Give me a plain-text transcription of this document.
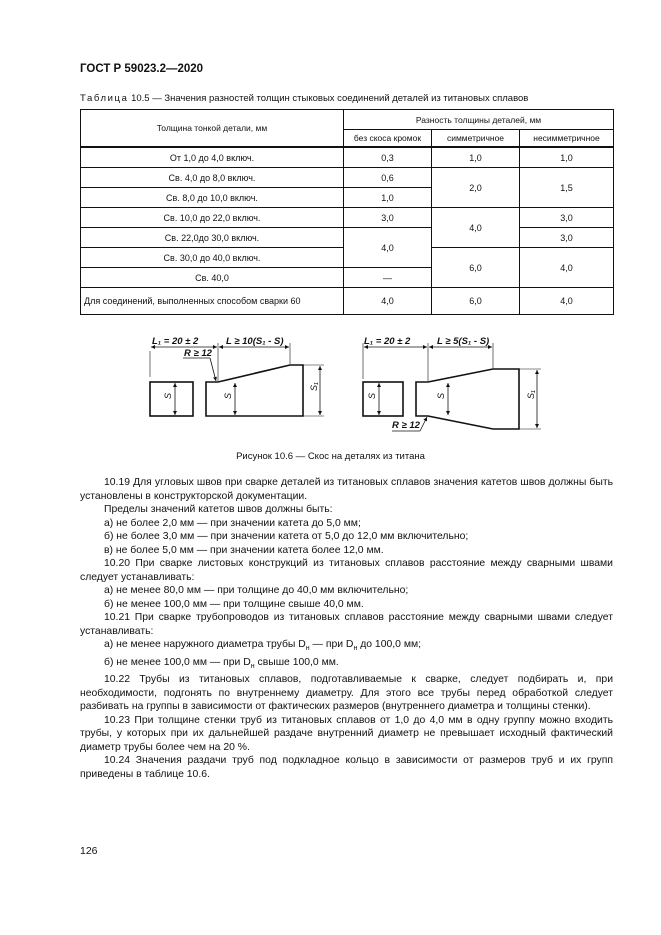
ГОСТ Р 59023.2—2020
Таблица 10.5 — Значения разностей толщин стыковых соединений деталей из титановых сплавов
Толщина тонкой детали, мм	Разность толщины деталей, мм		
	без скоса кромок	симметричное	несимметричное
От 1,0 до 4,0 включ.	0,3	1,0	1,0
Св. 4,0 до 8,0 включ.	0,6	2,0	1,5
Св. 8,0 до 10,0 включ.	1,0		
Св. 10,0 до 22,0 включ.	3,0	4,0	3,0
Св. 22,0до 30,0 включ.	4,0		3,0
Св. 30,0 до 40,0 включ.		6,0	4,0
Св. 40,0	—		
Для соединений, выполненных способом сварки 60	4,0	6,0	4,0
L₁ = 20 ± 2	L ≥ 10(S₁ - S)
R ≥ 12
L₁ = 20 ± 2	L ≥ 5(S₁ - S)
R ≥ 12
S	S
S₁
S	S	S₁
Рисунок 10.6 — Скос на деталях из титана

10.19 Для угловых швов при сварке деталей из титановых сплавов значения катетов швов должны быть установлены в конструкторской документации.

Пределы значений катетов швов должны быть:

а) не более 2,0 мм — при значении катета до 5,0 мм;

б) не более 3,0 мм — при значении катета от 5,0 до 12,0 мм включительно;

в) не более 5,0 мм — при значении катета более 12,0 мм.

10.20 При сварке листовых конструкций из титановых сплавов расстояние между сварными швами следует устанавливать:

а) не менее 80,0 мм — при толщине до 40,0 мм включительно;

б) не менее 100,0 мм — при толщине свыше 40,0 мм.

10.21 При сварке трубопроводов из титановых сплавов расстояние между сварными швами следует устанавливать:

а) не менее наружного диаметра трубы $D_н$ — при $D_н$ до 100,0 мм;

б) не менее 100,0 мм — при $D_н$ свыше 100,0 мм.

10.22 Трубы из титановых сплавов, подготавливаемые к сварке, следует подбирать и, при необходимости, подгонять по внутреннему диаметру. Для этого все трубы перед обработкой следует разбивать на группы в зависимости от фактических размеров (внутреннего диаметра и толщины стенки).

10.23 При толщине стенки труб из титановых сплавов от 1,0 до 4,0 мм в одну группу можно входить трубы, у которых при их дальнейшей раздаче внутренний диаметр не превышает исходный фактический диаметр трубы более чем на 20 %.

10.24 Значения раздачи труб под подкладное кольцо в зависимости от размеров труб и их групп приведены в таблице 10.6.

126
